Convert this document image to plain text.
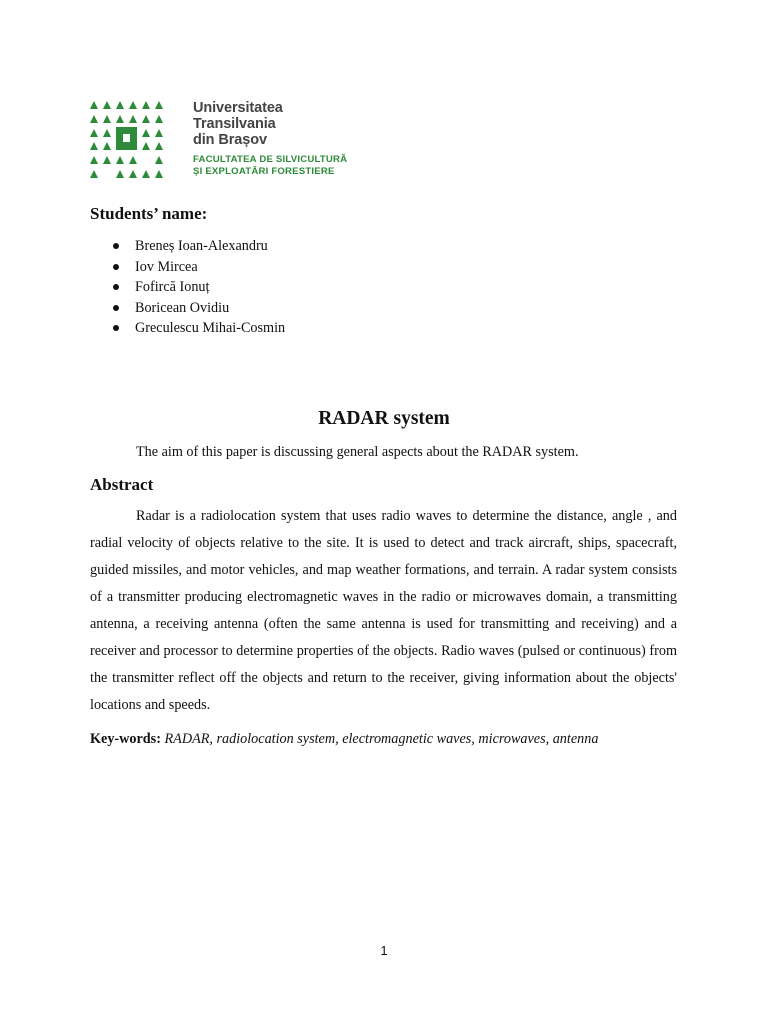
Universitatea
Transilvania
din Brașov
FACULTATEA DE SILVICULTURĂ
ȘI EXPLOATĂRI FORESTIERE
Students’ name:
Breneș Ioan-Alexandru
Iov Mircea
Fofircă Ionuț
Boricean Ovidiu
Greculescu Mihai-Cosmin
RADAR system
The aim of this paper is discussing general aspects about the RADAR system.
Abstract

Radar is a radiolocation system that uses radio waves to determine the distance, angle , and radial velocity of objects relative to the site. It is used to detect and track aircraft, ships, spacecraft, guided missiles, and motor vehicles, and map weather formations, and terrain. A radar system consists of a transmitter producing electromagnetic waves in the radio or microwaves domain, a transmitting antenna, a receiving antenna (often the same antenna is used for transmitting and receiving) and a receiver and processor to determine properties of the objects. Radio waves (pulsed or continuous) from the transmitter reflect off the objects and return to the receiver, giving information about the objects' locations and speeds.

Key-words: RADAR, radiolocation system, electromagnetic waves, microwaves, antenna
1
